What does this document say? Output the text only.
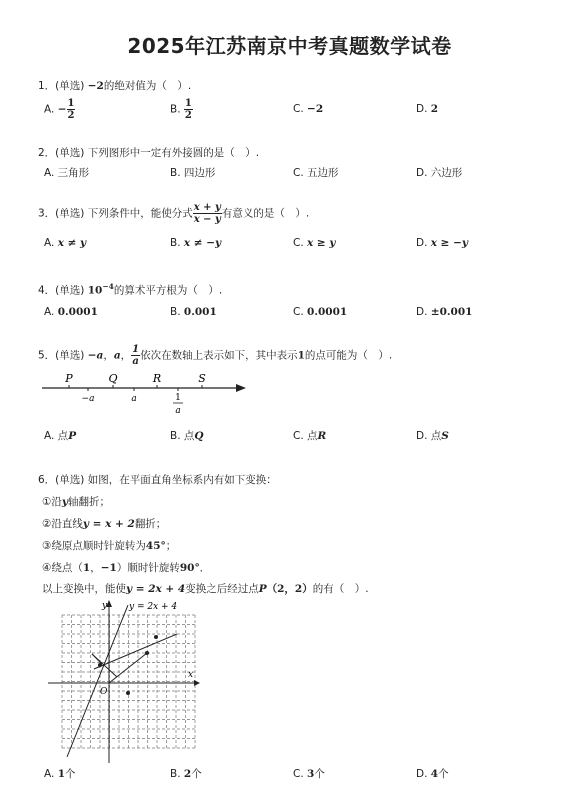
2025年江苏南京中考真题数学试卷
1．(单选) −2的绝对值为（　）.
A. − $\frac{1}{2}$	B. $\frac{1}{2}$	C. −2	D. 2
2．(单选) 下列图形中一定有外接圆的是（　）.
A. 三角形	B. 四边形	C. 五边形	D. 六边形
3．(单选) 下列条件中，能使分式 $\frac{x + y}{x - y}$ 有意义的是（　）.
A. x ≠ y	B. x ≠ −y	C. x ≥ y	D. x ≥ −y
4．(单选) $10^{-4}$的算术平方根为（　）.
A. 0.0001	B. 0.001	C. 0.0001	D. ±0.001
5．(单选) −a，a， $\frac{1}{a}$ 依次在数轴上表示如下，其中表示1的点可能为（　）.
P	Q	R	S
−a	a	1
a
A. 点P	B. 点Q	C. 点R	D. 点S
6．(单选) 如图，在平面直角坐标系内有如下变换：
①沿y轴翻折；
②沿直线y = x + 2翻折；
③绕原点顺时针旋转为45°；
④绕点（1，−1）顺时针旋转90°．
以上变换中，能使y = 2x + 4变换之后经过点P（2，2）的有（　）.
y = 2x + 4
y
x
O
A. 1个	B. 2个	C. 3个	D. 4个
